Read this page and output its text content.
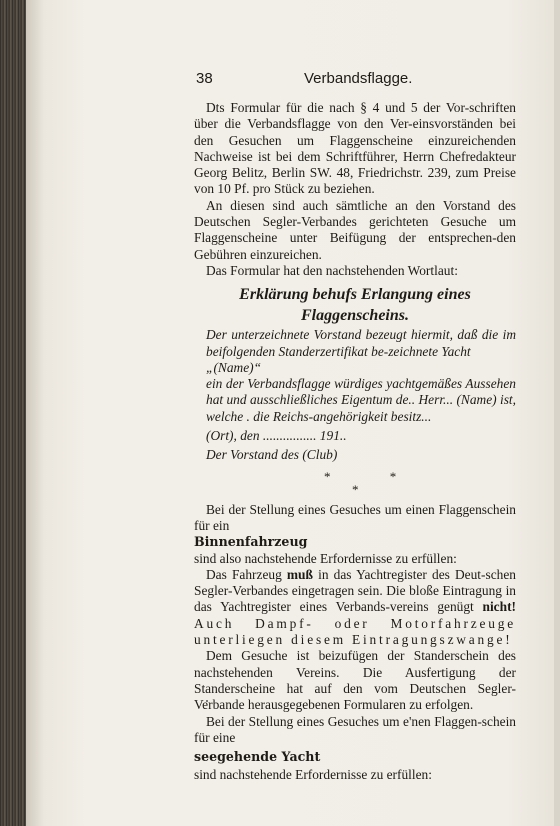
38	Verbandsflagge.

Dts Formular für die nach § 4 und 5 der Vor-schriften über die Verbandsflagge von den Ver-einsvorständen bei den Gesuchen um Flaggenscheine einzureichenden Nachweise ist bei dem Schriftführer, Herrn Chefredakteur Georg Belitz, Berlin SW. 48, Friedrichstr. 239, zum Preise von 10 Pf. pro Stück zu beziehen.

An diesen sind auch sämtliche an den Vorstand des Deutschen Segler-Verbandes gerichteten Gesuche um Flaggenscheine unter Beifügung der entsprechen-den Gebühren einzureichen.

Das Formular hat den nachstehenden Wortlaut:

Erklärung behufs Erlangung eines
Flaggenscheins.

Der unterzeichnete Vorstand bezeugt hiermit, daß die im beifolgenden Standerzertifikat be-zeichnete Yacht

„(Name)“

ein der Verbandsflagge würdiges yachtgemäßes Aussehen hat und ausschließliches Eigentum de.. Herr... (Name) ist, welche . die Reichs-angehörigkeit besitz...

(Ort), den ................ 191..

Der Vorstand des (Club)

* *
*

Bei der Stellung eines Gesuches um einen Flaggenschein für ein

Binnenfahrzeug

sind also nachstehende Erfordernisse zu erfüllen:

Das Fahrzeug muß in das Yachtregister des Deut-schen Segler-Verbandes eingetragen sein. Die bloße Eintragung in das Yachtregister eines Verbands-vereins genügt nicht! Auch Dampf- oder Motorfahrzeuge unterliegen diesem Eintragungszwange!

Dem Gesuche ist beizufügen der Standerschein des nachstehenden Vereins. Die Ausfertigung der Standerscheine hat auf den vom Deutschen Segler-Verbande herausgegebenen Formularen zu erfolgen.

Bei der Stellung eines Gesuches um e'nen Flaggen-schein für eine

seegehende Yacht

sind nachstehende Erfordernisse zu erfüllen:
